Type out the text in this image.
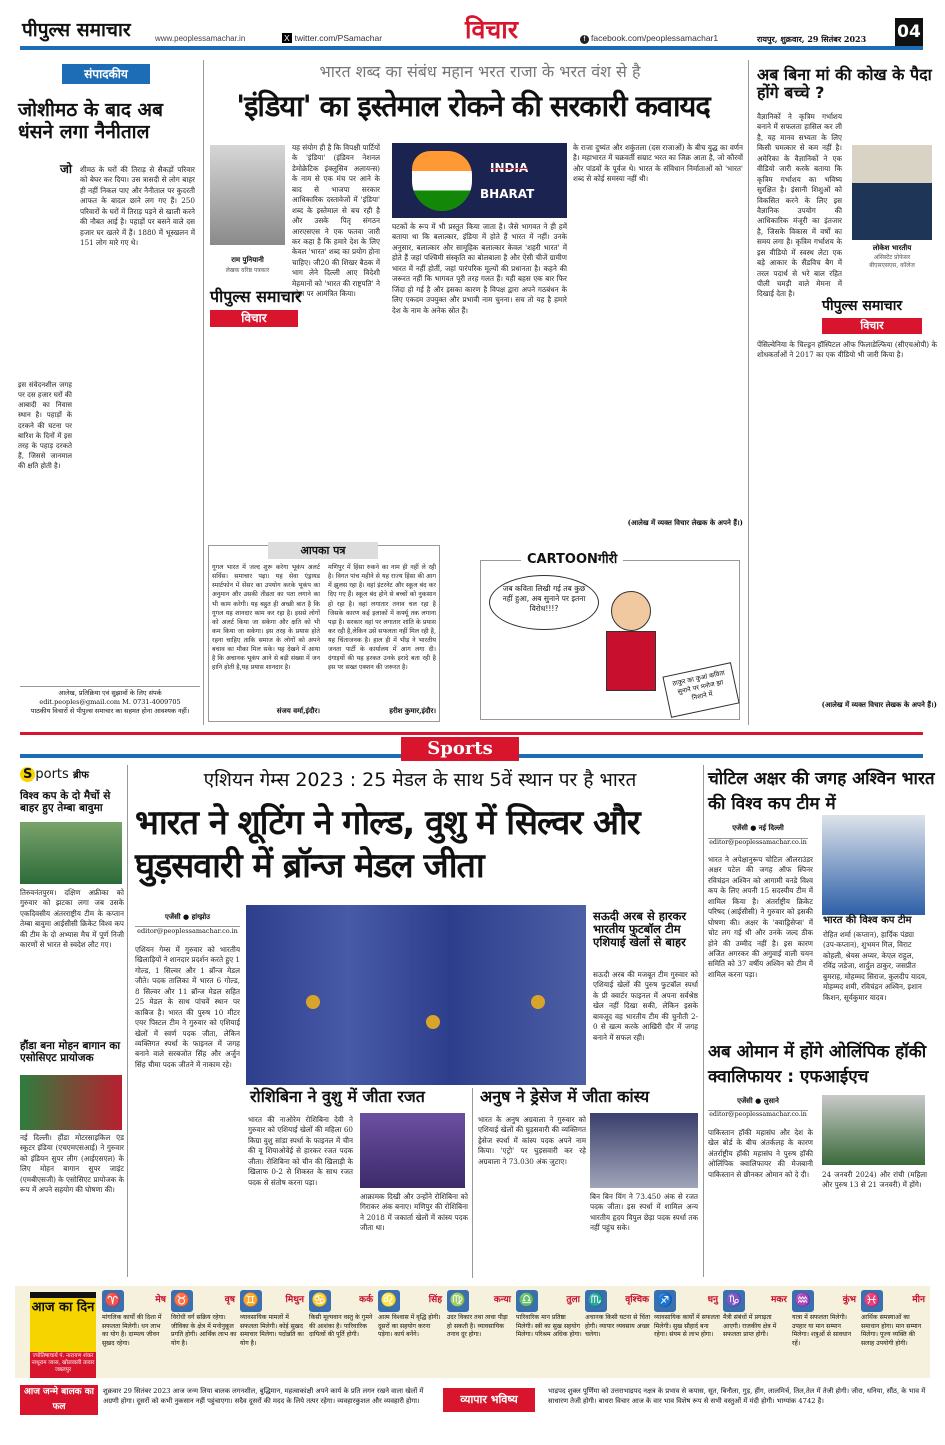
पीपुल्स समाचार	www.peoplessamachar.in	X twitter.com/PSamachar	विचार	f facebook.com/peoplessamachar1	रायपुर, शुक्रवार, 29 सितंबर 2023 04
संपादकीय
जोशीमठ के बाद अब धंसने लगा नैनीताल
जो शीमठ के घरों की तिराड़ से सैकड़ों परिवार को बेघर कर दिया। उस त्रासदी से लोग बाहर ही नहीं निकल पाए और नैनीताल पर कुदरती आफत के बादल छाने लग गए हैं। 250 परिवारों के घरों में तिराड़ पड़ने से खाली करने की नौबत आई है। पहाड़ों पर बसने वाले दस हजार घर खतरे में हैं। 1880 में भूस्खलन में 151 लोग मारे गए थे।
इस संवेदनशील जगह पर दस हजार घरों की आबादी का निवास स्थान है। पहाड़ों के दरकने की घटना पर बारिश के दिनों में इस तरह के पहाड़ दरकते हैं, जिससे जानमाल की क्षति होती है।
आलेख, प्रतिक्रिया एवं सुझावों के लिए संपर्क
edit.peoples@gmail.com M. 0731-4009705
पाठकीय विचारों से पीपुल्स समाचार का सहमत होना आवश्यक नहीं।
भारत शब्द का संबंध महान भरत राजा के भरत वंश से है
'इंडिया' का इस्तेमाल रोकने की सरकारी कवायद
राम पुनियानी
लेखक वरिष्ठ पत्रकार
पीपुल्स समाचार
विचार
यह संयोग ही है कि विपक्षी पार्टियों के 'इंडिया' (इंडियन नेशनल डेमोक्रेटिक इंक्लूसिव अलायन्स) के नाम से एक मंच पर आने के बाद से भाजपा सरकार आधिकारिक दस्तावेजों में 'इंडिया' शब्द के इस्तेमाल से बच रही है और उसके पितृ संगठन आरएसएस ने एक फतवा जारी कर कहा है कि हमारे देश के लिए केवल 'भारत' शब्द का प्रयोग होना चाहिए। जी20 की शिखर बैठक में भाग लेने दिल्ली आए विदेशी मेहमानों को 'भारत की राष्ट्रपति' ने भोज पर आमंत्रित किया।
INDIA
BHARAT
घटकों के रूप में भी प्रस्तुत किया जाता है। जैसे भागवत ने ही हमें बताया था कि बलात्कार, इंडिया में होते हैं भारत में नहीं। उनके अनुसार, बलात्कार और सामूहिक बलात्कार केवल 'शहरी भारत' में होते हैं जहां पश्चिमी संस्कृति का बोलबाला है और ऐसी चीजें ग्रामीण भारत में नहीं होतीं, जहां पारंपरिक मूल्यों की प्रधानता है। कहने की जरूरत नहीं कि भागवत पूरी तरह गलत हैं। यही बहस एक बार फिर जिंदा हो गई है और इसका कारण है विपक्ष द्वारा अपने गठबंधन के लिए एकदम उपयुक्त और प्रभावी नाम चुनना। सच तो यह है हमारे देश के नाम के अनेक स्रोत हैं।
के राजा दुष्यंत और शकुंतला (दस राजाओं) के बीच युद्ध का वर्णन है। महाभारत में चक्रवर्ती सम्राट भरत का जिक्र आता है, जो कौरवों और पांडवों के पूर्वज थे। भारत के संविधान निर्माताओं को 'भारत' शब्द से कोई समस्या नहीं थी।
(आलेख में व्यक्त विचार लेखक के अपने हैं।)
आपका पत्र
गूगल भारत में जल्द शुरू करेगा भूकंप अलर्ट सर्विस। समाचार पढ़ा। यह सेवा एंड्रायड स्मार्टफोन में सेंसर का उपयोग करके भूकंप का अनुमान और उसकी तीव्रता का पता लगाने का भी काम करेगी। यह बहुत ही अच्छी बात है कि गूगल यह शानदार काम कर रहा है। इससे लोगों को अलर्ट किया जा सकेगा और क्षति को भी कम किया जा सकेगा। इस तरह के प्रयास होते रहना चाहिए ताकि समाज के लोगों को अपने बचाव का मौका मिल सके। यह देखने में आया है कि अचानक भूकंप आने से बड़ी संख्या में जन हानि होती है,यह प्रयास शानदार है।
संजय वर्मा,इंदौर।
मणिपुर में हिंसा रुकने का नाम ही नहीं ले रही है। विगत पांच महीने से यह राज्य हिंसा की आग में झुलस रहा है। वहां इंटरनेट और स्कूल बंद कर दिए गए हैं। स्कूल बंद होने से बच्चों को नुकसान हो रहा है। वहां लगातार तनाव चल रहा है जिसके कारण कई इलाकों में कर्फ्यू तक लगाना पड़ा है। सरकार वहां पर लगातार शांति के प्रयास कर रही है,लेकिन उसे सफलता नहीं मिल रही है, यह चिंताजनक है। हाल ही में भीड़ ने भारतीय जनता पार्टी के कार्यालय में आग लगा दी। दंगाइयों की यह हरकत उनके इरादे बता रही है इस पर सख्त एक्शन की जरूरत है।
हरीश कुमार,इंदौर।
CARTOONगीरी
जब कविता लिखी गई तब कुछ नहीं हुआ, अब सुनाने पर इतना विरोध!!!?
ठाकुर का कुआं कविता सुनाने पर मनोज झा निशाने में
अब बिना मां की कोख के पैदा होंगे बच्चे ?
वैज्ञानिकों ने कृत्रिम गर्भाशय बनाने में सफलता हासिल कर ली है, यह मानव सभ्यता के लिए किसी चमत्कार से कम नहीं है। अमेरिका के वैज्ञानिकों ने एक वीडियो जारी करके बताया कि कृत्रिम गर्भाशय का भविष्य सुरक्षित है। इंसानी शिशुओं को विकसित करने के लिए इस वैज्ञानिक उपयोग की आधिकारिक मंजूरी का इंतजार है, जिसके विकास में वर्षों का समय लगा है। कृत्रिम गर्भाशय के इस वीडियो में स्वस्थ लेटा एक बड़े आकार के सैंडविच बैग में तरल पदार्थ से भरे बाल रहित पीली चमड़ी वाले मेमना में दिखाई देता है।
लोकेश भारतीय
असिस्टेंट प्रोफेसर
बीएसएसएस, कॉलेज
पीपुल्स समाचार
विचार
पेंसिल्वेनिया के चिल्ड्रन हॉस्पिटल ऑफ फिलाडेल्फिया (सीएचओपी) के शोधकर्ताओं ने 2017 का एक वीडियो भी जारी किया है।
(आलेख में व्यक्त विचार लेखक के अपने हैं।)
Sports
S ports ब्रीफ
विश्व कप के दो मैचों से बाहर हुए तेम्बा बावुमा
तिरुवनंतपुरम। दक्षिण अफ्रीका को गुरुवार को झटका लगा जब उसके एकदिवसीय अंतरराष्ट्रीय टीम के कप्तान तेम्बा बावुमा आईसीसी क्रिकेट विश्व कप की टीम के दो अभ्यास मैच में पूर्ण निजी कारणों से भारत से स्वदेश लौट गए।
हौंडा बना मोहन बागान का एसोसिएट प्रायोजक
नई दिल्ली। हौंडा मोटरसाइकिल एंड स्कूटर इंडिया (एचएमएसआई) ने गुरुवार को इंडियन सुपर लीग (आईएसएल) के लिए मोहन बागान सुपर जाइंट (एमबीएसजी) के एसोसिएट प्रायोजक के रूप में अपने सहयोग की घोषणा की।
एशियन गेम्स 2023 : 25 मेडल के साथ 5वें स्थान पर है भारत
भारत ने शूटिंग ने गोल्ड, वुशु में सिल्वर और घुड़सवारी में ब्रॉन्ज मेडल जीता
एजेंसी ● हांग्झोउ
editor@peoplessamachar.co.in
एशियन गेम्स में गुरुवार को भारतीय खिलाड़ियों ने शानदार प्रदर्शन करते हुए 1 गोल्ड, 1 सिल्वर और 1 ब्रॉन्ज मेडल जीते। पदक तालिका में भारत 6 गोल्ड, 8 सिल्वर और 11 ब्रॉन्ज मेडल सहित 25 मेडल के साथ पांचवें स्थान पर काबिज है। भारत की पुरुष 10 मीटर एयर पिस्टल टीम ने गुरुवार को एशियाई खेलों में स्वर्ण पदक जीता, लेकिन व्यक्तिगत स्पर्धा के फाइनल में जगह बनाने वाले सरबजोत सिंह और अर्जुन सिंह चीमा पदक जीतने में नाकाम रहे।
सऊदी अरब से हारकर भारतीय फुटबॉल टीम एशियाई खेलों से बाहर
सऊदी अरब की मजबूत टीम गुरुवार को एशियाई खेलों की पुरुष फुटबॉल स्पर्धा के प्री क्वार्टर फाइनल में अपना सर्वश्रेष्ठ खेल नहीं दिखा सकी, लेकिन इसके बावजूद वह भारतीय टीम की चुनौती 2-0 से खत्म करके आखिरी दौर में जगह बनाने में सफल रही।
रोशिबिना ने वुशु में जीता रजत
भारत की नाओरेम रोशिबिना देवी ने गुरुवार को एशियाई खेलों की महिला 60 किग्रा वुशु सांडा स्पर्धा के फाइनल में चीन की वू शियाओवेई से हारकर रजत पदक जीता। रोशिबिना को चीन की खिलाड़ी के खिलाफ 0-2 से शिकस्त के साथ रजत पदक से संतोष करना पड़ा।
आक्रामक दिखी और उन्होंने रोशिबिना को गिराकर अंक बनाए। मणिपुर की रोशिबिना ने 2018 में जकार्ता खेलों में कांस्य पदक जीता था।
अनुष ने ड्रेसेज में जीता कांस्य
भारत के अनुष अग्रवाला ने गुरुवार को एशियाई खेलों की घुड़सवारी की व्यक्तिगत ड्रेसेज स्पर्धा में कांस्य पदक अपने नाम किया। 'एट्रो' पर घुड़सवारी कर रहे अग्रवाला ने 73.030 अंक जुटाए।
बिन बिन यिंग ने 73.450 अंक से रजत पदक जीता। इस स्पर्धा में शामिल अन्य भारतीय हृदय विपुल छेड़ा पदक स्पर्धा तक नहीं पहुंच सके।
चोटिल अक्षर की जगह अश्विन भारत की विश्व कप टीम में
एजेंसी ● नई दिल्ली
editor@peoplessamachar.co.in
भारत ने अपेक्षानुरूप चोटिल ऑलराउंडर अक्षर पटेल की जगह ऑफ स्पिनर रविचंद्रन अश्विन को आगामी वनडे विश्व कप के लिए अपनी 15 सदस्यीय टीम में शामिल किया है। अंतर्राष्ट्रीय क्रिकेट परिषद (आईसीसी) ने गुरुवार को इसकी घोषणा की। अक्षर के 'क्वाड्रिसेप्स' में चोट लग गई थी और उनके जल्द ठीक होने की उम्मीद नहीं है। इस कारण अजित अगरकर की अगुवाई वाली चयन समिति को 37 वर्षीय अश्विन को टीम में शामिल करना पड़ा।
भारत की विश्व कप टीम
रोहित शर्मा (कप्तान), हार्दिक पंड्या (उप-कप्तान), शुभमन गिल, विराट कोहली, श्रेयस अय्यर, केएल राहुल, रविंद्र जडेजा, शार्दुल ठाकुर, जसप्रीत बुमराह, मोहम्मद सिराज, कुलदीप यादव, मोहम्मद शमी, रविचंद्रन अश्विन, इशान किशन, सूर्यकुमार यादव।
अब ओमान में होंगे ओलिंपिक हॉकी क्वालिफायर : एफआईएच
एजेंसी ● लुसाने
editor@peoplessamachar.co.in
पाकिस्तान हॉकी महासंघ और देश के खेल बोर्ड के बीच अंतर्कलह के कारण अंतर्राष्ट्रीय हॉकी महासंघ ने पुरुष हॉकी ओलिंपिक क्वालिफायर की मेजबानी पाकिस्तान से छीनकर ओमान को दे दी।	24 जनवरी 2024) और रांची (महिला और पुरुष 13 से 21 जनवरी) में होंगे।
आज का दिन
ज्योतिषाचार्य पं. नारायण शंकर नाथूराम व्यास, खोलवाली तावार जबलपुर
♈	मेष
मांगलिक कार्यों की दिशा में सफलता मिलेगी। धन लाभ का योग है। दाम्पत्य जीवन सुखद रहेगा।
♉	वृष
विरोधी वर्ग सक्रिय रहेगा। जीविका के क्षेत्र में मनोनुकूल प्रगति होगी। आर्थिक लाभ का योग है।
♊	मिथुन
व्यावसायिक मामलों में सफलता मिलेगी। कोई सुखद समाचार मिलेगा। पदोन्नति का योग है।
♋	कर्क
किसी मूल्यवान वस्तु के गुमने की आशंका है। पारिवारिक दायित्वों की पूर्ति होगी।
♌	सिंह
आत्म विश्वास में वृद्धि होगी। दूसरों का सहयोग करना पड़ेगा। कार्य बनेंगे।
♍	कन्या
उदर विकार तथा त्वचा पीड़ा हो सकती है। व्यावसायिक तनाव दूर होगा।
♎	तुला
पारिवारिक मान प्रतिष्ठा मिलेगी। स्त्री का सुख सहयोग मिलेगा। परिश्रम अधिक होगा।
♏	वृश्चिक
अचानक किसी घटना से चिंता होगी। व्यापार व्यवसाय अच्छा चलेगा।
♐	धनु
व्यावसायिक कार्यों में सफलता मिलेगी। सुख सौहार्द बना रहेगा। संयम से लाभ होगा।
♑	मकर
मैत्री संबंधों में प्रगाढ़ता आएगी। राजकीय क्षेत्र में सफलता प्राप्त होगी।
♒	कुंभ
यात्रा में सफलता मिलेगी। उपहार या मान सम्मान मिलेगा। शत्रुओं से सावधान रहें।
♓	मीन
आर्थिक समस्याओं का समाधान होगा। मान सम्मान मिलेगा। पूज्य व्यक्ति की सलाह उपयोगी होगी।
आज जन्मे बालक का फल
शुक्रवार 29 सितंबर 2023 आज जन्म लिया बालक लगनशील, बुद्धिमान, महत्वाकांक्षी अपने कार्य के प्रति लगन रखने वाला खेलों में अग्रणी होगा। दूसरों को कभी नुकसान नहीं पहुंचाएगा। सदैव दूसरों की मदद के लिये तत्पर रहेगा। व्यवहारकुशल और व्यवहारी होगा।	व्यापार भविष्य
भाद्रपद शुक्ल पूर्णिमा को उत्तराभाद्रपद नक्षत्र के प्रभाव से कपास, सूत, बिनौला, गुड़, हींग, लालमिर्च, तिल,तेल में तेजी होगी। जीरा, धनिया, सौंठ, के भाव में साधारण तेजी होगी। बाधरा विचार आज के वार भाव विशेष रूप से सभी वस्तुओं में मंदी होगी। भाग्यांक 4742 है।
